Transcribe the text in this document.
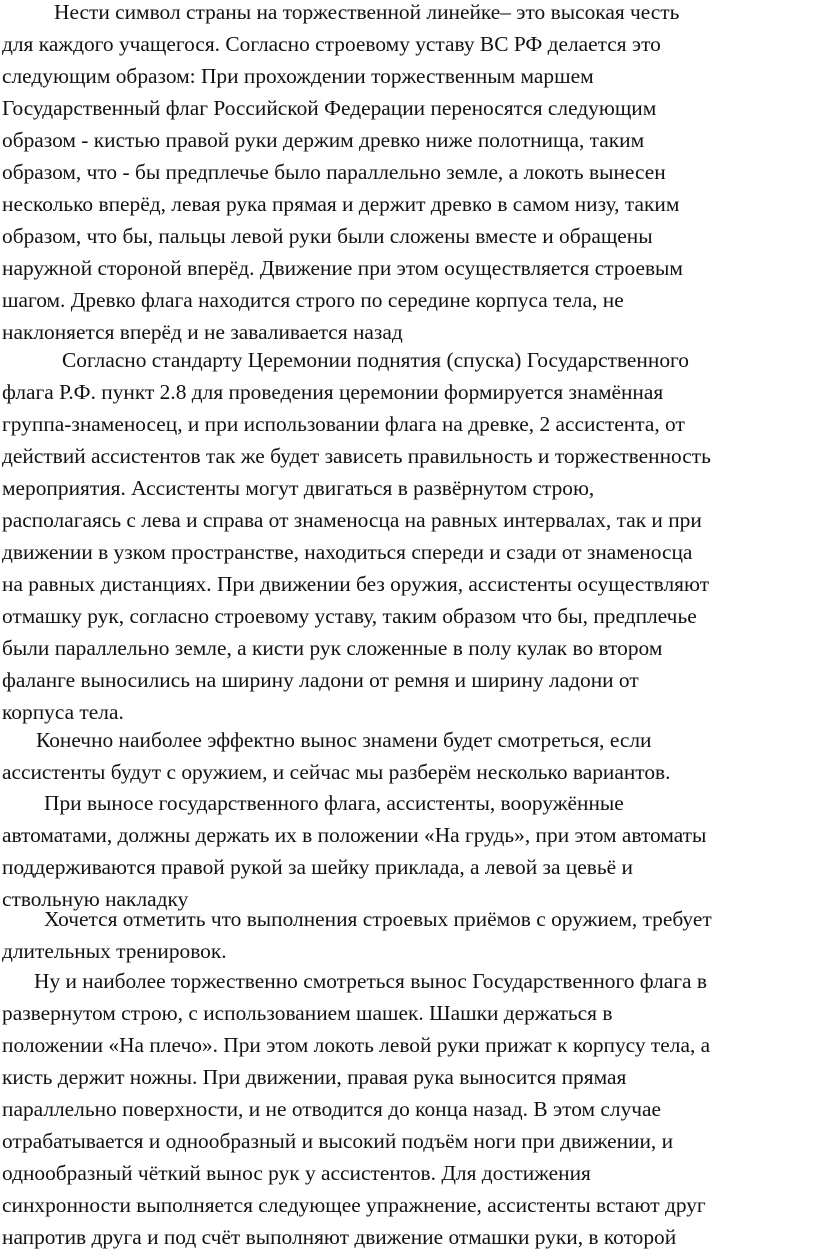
Нести символ страны на торжественной линейке– это высокая честь
для каждого учащегося. Согласно строевому уставу ВС РФ делается это
следующим образом: При прохождении торжественным маршем
Государственный флаг Российской Федерации переносятся следующим
образом - кистью правой руки держим древко ниже полотнища, таким
образом, что - бы предплечье было параллельно земле, а локоть вынесен
несколько вперёд, левая рука прямая и держит древко в самом низу, таким
образом, что бы, пальцы левой руки были сложены вместе и обращены
наружной стороной вперёд. Движение при этом осуществляется строевым
шагом. Древко флага находится строго по середине корпуса тела, не
наклоняется вперёд и не заваливается назад
Согласно стандарту Церемонии поднятия (спуска) Государственного
флага Р.Ф. пункт 2.8 для проведения церемонии формируется знамённая
группа-знаменосец, и при использовании флага на древке, 2 ассистента, от
действий ассистентов так же будет зависеть правильность и торжественность
мероприятия. Ассистенты могут двигаться в развёрнутом строю,
располагаясь с лева и справа от знаменосца на равных интервалах, так и при
движении в узком пространстве, находиться спереди и сзади от знаменосца
на равных дистанциях. При движении без оружия, ассистенты осуществляют
отмашку рук, согласно строевому уставу, таким образом что бы, предплечье
были параллельно земле, а кисти рук сложенные в полу кулак во втором
фаланге выносились на ширину ладони от ремня и ширину ладони от
корпуса тела.
Конечно наиболее эффектно вынос знамени будет смотреться, если
ассистенты будут с оружием, и сейчас мы разберём несколько вариантов.
При выносе государственного флага, ассистенты, вооружённые
автоматами, должны держать их в положении «На грудь», при этом автоматы
поддерживаются правой рукой за шейку приклада, а левой за цевьё и
ствольную накладку
Хочется отметить что выполнения строевых приёмов с оружием, требует
длительных тренировок.
Ну и наиболее торжественно смотреться вынос Государственного флага в
развернутом строю, с использованием шашек. Шашки держаться в
положении «На плечо». При этом локоть левой руки прижат к корпусу тела, а
кисть держит ножны. При движении, правая рука выносится прямая
параллельно поверхности, и не отводится до конца назад. В этом случае
отрабатывается и однообразный и высокий подъём ноги при движении, и
однообразный чёткий вынос рук у ассистентов. Для достижения
синхронности выполняется следующее упражнение, ассистенты встают друг
напротив друга и под счёт выполняют движение отмашки руки, в которой
